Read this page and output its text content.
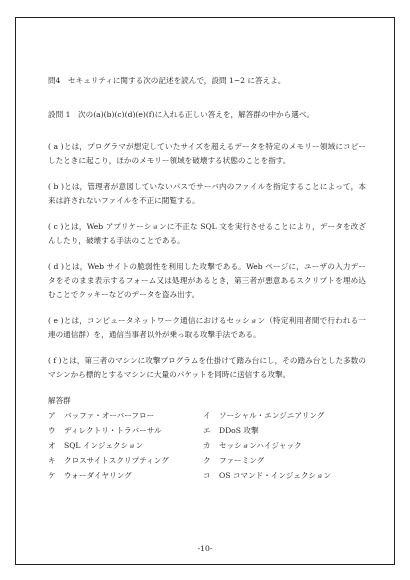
問4　セキュリティに関する次の記述を読んで，設問 1~2 に答えよ。

設問 1　次の(a)(b)(c)(d)(e)(f)に入れる正しい答えを，解答群の中から選べ。

( a )とは，プログラマが想定していたサイズを超えるデータを特定のメモリー領域にコピーしたときに起こり，ほかのメモリー領域を破壊する状態のことを指す。

( b )とは，管理者が意図していないパスでサーバ内のファイルを指定することによって，本来は許されないファイルを不正に閲覧する。

( c )とは，Web アプリケーションに不正な SQL 文を実行させることにより，データを改ざんしたり，破壊する手法のことである。

( d )とは，Web サイトの脆弱性を利用した攻撃である。Web ページに，ユーザの入力データをそのまま表示するフォーム又は処理があるとき，第三者が悪意あるスクリプトを埋め込むことでクッキーなどのデータを盗み出す。

( e )とは，コンピュータネットワーク通信におけるセッション（特定利用者間で行われる一連の通信群）を，通信当事者以外が乗っ取る攻撃手法である。

( f )とは，第三者のマシンに攻撃プログラムを仕掛けて踏み台にし，その踏み台とした多数のマシンから標的とするマシンに大量のパケットを同時に送信する攻撃。

解答群
ア バッファ・オーバーフロー	イ ソーシャル・エンジニアリング
ウ ディレクトリ・トラバーサル	エ DDoS 攻撃
オ SQL インジェクション	カ セッションハイジャック
キ クロスサイトスクリプティング	ク ファーミング
ケ ウォーダイヤリング	コ OS コマンド・インジェクション
-10-
